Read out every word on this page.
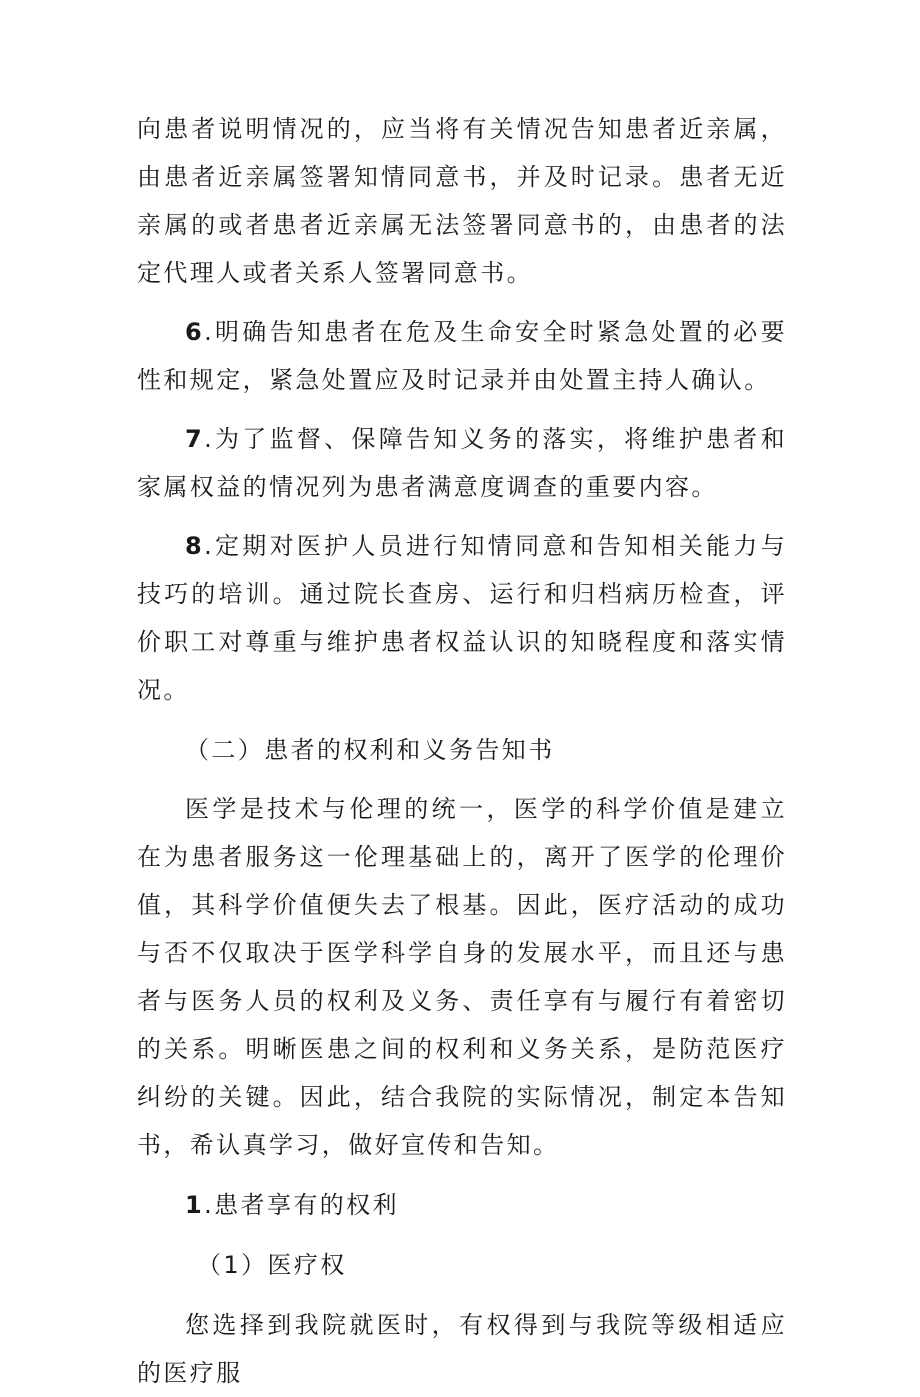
向患者说明情况的，应当将有关情况告知患者近亲属，由患者近亲属签署知情同意书，并及时记录。患者无近亲属的或者患者近亲属无法签署同意书的，由患者的法定代理人或者关系人签署同意书。

6.明确告知患者在危及生命安全时紧急处置的必要性和规定，紧急处置应及时记录并由处置主持人确认。

7.为了监督、保障告知义务的落实，将维护患者和家属权益的情况列为患者满意度调查的重要内容。

8.定期对医护人员进行知情同意和告知相关能力与技巧的培训。通过院长查房、运行和归档病历检查，评价职工对尊重与维护患者权益认识的知晓程度和落实情况。

（二）患者的权利和义务告知书

医学是技术与伦理的统一，医学的科学价值是建立在为患者服务这一伦理基础上的，离开了医学的伦理价值，其科学价值便失去了根基。因此，医疗活动的成功与否不仅取决于医学科学自身的发展水平，而且还与患者与医务人员的权利及义务、责任享有与履行有着密切的关系。明晰医患之间的权利和义务关系，是防范医疗纠纷的关键。因此，结合我院的实际情况，制定本告知书，希认真学习，做好宣传和告知。

1.患者享有的权利

（1）医疗权

您选择到我院就医时，有权得到与我院等级相适应的医疗服
